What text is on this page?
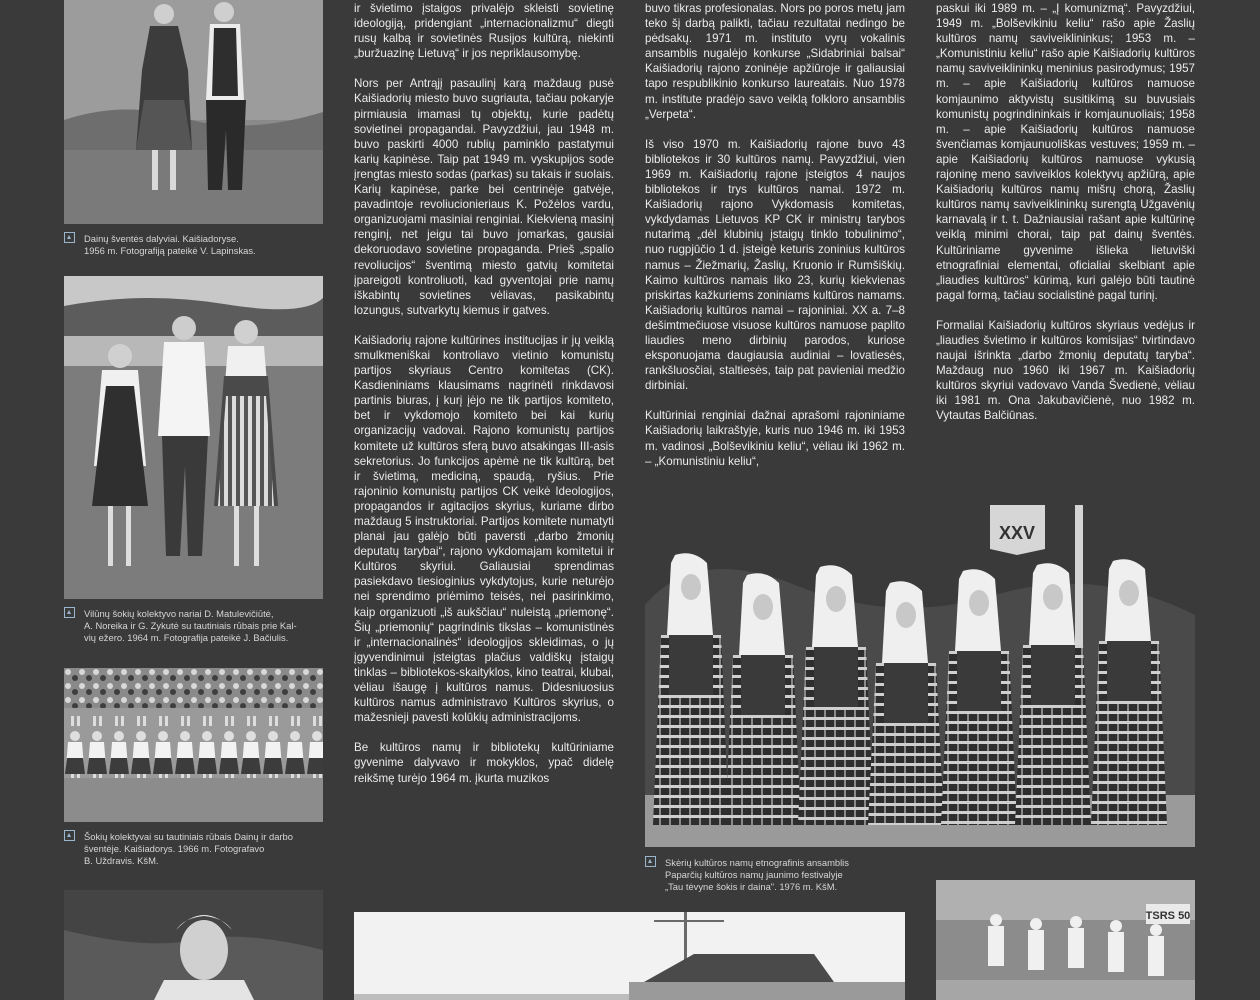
Dainų šventės dalyviai. Kaišiadoryse.
1956 m. Fotografiją pateikė V. Lapinskas.
Vilūnų šokių kolektyvo nariai D. Matulevičiūtė,
A. Noreika ir G. Zykutė su tautiniais rūbais prie Kal-
vių ežero. 1964 m. Fotografija pateikė J. Bačiulis.
Šokių kolektyvai su tautiniais rūbais Dainų ir darbo
šventėje. Kaišiadorys. 1966 m. Fotografavo
B. Uždravis. KšM.

ir švietimo įstaigos privalėjo skleisti sovietinę ideologiją, pridengiant „internacionalizmu“ diegti rusų kalbą ir sovietinės Rusijos kultūrą, niekinti „buržuazinę Lietuvą“ ir jos nepriklausomybę.

Nors per Antrąjį pasaulinį karą maždaug pusė Kaišiadorių miesto buvo sugriauta, tačiau pokaryje pirmiausia imamasi tų objektų, kurie padėtų sovietinei propagandai. Pavyzdžiui, jau 1948 m. buvo paskirti 4000 rublių paminklo pastatymui karių kapinėse. Taip pat 1949 m. vyskupijos sode įrengtas miesto sodas (parkas) su takais ir suolais. Karių kapinėse, parke bei centrinėje gatvėje, pavadintoje revoliucionieriaus K. Požėlos vardu, organizuojami masiniai renginiai. Kiekvieną masinį renginį, net jeigu tai buvo jomarkas, gausiai dekoruodavo sovietine propaganda. Prieš „spalio revoliucijos“ šventimą miesto gatvių komitetai įpareigoti kontroliuoti, kad gyventojai prie namų iškabintų sovietines vėliavas, pasikabintų lozungus, sutvarkytų kiemus ir gatves.

Kaišiadorių rajone kultūrines institucijas ir jų veiklą smulkmeniškai kontroliavo vietinio komunistų partijos skyriaus Centro komitetas (CK). Kasdieniniams klausimams nagrinėti rinkdavosi partinis biuras, į kurį įėjo ne tik partijos komiteto, bet ir vykdomojo komiteto bei kai kurių organizacijų vadovai. Rajono komunistų partijos komitete už kultūros sferą buvo atsakingas III-asis sekretorius. Jo funkcijos apėmė ne tik kultūrą, bet ir švietimą, mediciną, spaudą, ryšius. Prie rajoninio komunistų partijos CK veikė Ideologijos, propagandos ir agitacijos skyrius, kuriame dirbo maždaug 5 instruktoriai. Partijos komitete numatyti planai jau galėjo būti paversti „darbo žmonių deputatų tarybai“, rajono vykdomajam komitetui ir Kultūros skyriui. Galiausiai sprendimas pasiekdavo tiesioginius vykdytojus, kurie neturėjo nei sprendimo priėmimo teisės, nei pasirinkimo, kaip organizuoti „iš aukščiau“ nuleistą „priemonę“. Šių „priemonių“ pagrindinis tikslas – komunistinės ir „internacionalinės“ ideologijos skleidimas, o jų įgyvendinimui įsteigtas plačius valdiškų įstaigų tinklas – bibliotekos-skaityklos, kino teatrai, klubai, vėliau išaugę į kultūros namus. Didesniuosius kultūros namus administravo Kultūros skyrius, o mažesnieji pavesti kolūkių administracijoms.

Be kultūros namų ir bibliotekų kultūriniame gyvenime dalyvavo ir mokyklos, ypač didelę reikšmę turėjo 1964 m. įkurta muzikos

buvo tikras profesionalas. Nors po poros metų jam teko šį darbą palikti, tačiau rezultatai nedingo be pėdsakų. 1971 m. instituto vyrų vokalinis ansamblis nugalėjo konkurse „Sidabriniai balsai“ Kaišiadorių rajono zoninėje apžiūroje ir galiausiai tapo respublikinio konkurso laureatais. Nuo 1978 m. institute pradėjo savo veiklą folkloro ansamblis „Verpeta“.

Iš viso 1970 m. Kaišiadorių rajone buvo 43 bibliotekos ir 30 kultūros namų. Pavyzdžiui, vien 1969 m. Kaišiadorių rajone įsteigtos 4 naujos bibliotekos ir trys kultūros namai. 1972 m. Kaišiadorių rajono Vykdomasis komitetas, vykdydamas Lietuvos KP CK ir ministrų tarybos nutarimą „dėl klubinių įstaigų tinklo tobulinimo“, nuo rugpjūčio 1 d. įsteigė keturis zoninius kultūros namus – Žiežmarių, Žaslių, Kruonio ir Rumšiškių. Kaimo kultūros namais liko 23, kurių kiekvienas priskirtas kažkuriems zoniniams kultūros namams. Kaišiadorių kultūros namai – rajoniniai. XX a. 7–8 dešimtmečiuose visuose kultūros namuose paplito liaudies meno dirbinių parodos, kuriose eksponuojama daugiausia audiniai – lovatiesės, rankšluosčiai, staltiesės, taip pat pavieniai medžio dirbiniai.

Kultūriniai renginiai dažnai aprašomi rajoniniame Kaišiadorių laikraštyje, kuris nuo 1946 m. iki 1953 m. vadinosi „Bolševikiniu keliu“, vėliau iki 1962 m. – „Komunistiniu keliu“,

paskui iki 1989 m. – „Į komunizmą“. Pavyzdžiui, 1949 m. „Bolševikiniu keliu“ rašo apie Žaslių kultūros namų saviveiklininkus; 1953 m. – „Komunistiniu keliu“ rašo apie Kaišiadorių kultūros namų saviveiklininkų meninius pasirodymus; 1957 m. – apie Kaišiadorių kultūros namuose komjaunimo aktyvistų susitikimą su buvusiais komunistų pogrindininkais ir komjaunuoliais; 1958 m. – apie Kaišiadorių kultūros namuose švenčiamas komjaunuoliškas vestuves; 1959 m. – apie Kaišiadorių kultūros namuose vykusią rajoninę meno saviveiklos kolektyvų apžiūrą, apie Kaišiadorių kultūros namų mišrų chorą, Žaslių kultūros namų saviveiklininkų surengtą Užgavėnių karnavalą ir t. t. Dažniausiai rašant apie kultūrinę veiklą minimi chorai, taip pat dainų šventės. Kultūriniame gyvenime išlieka lietuviški etnografiniai elementai, oficialiai skelbiant apie „liaudies kultūros“ kūrimą, kuri galėjo būti tautinė pagal formą, tačiau socialistinė pagal turinį.

Formaliai Kaišiadorių kultūros skyriaus vedėjus ir „liaudies švietimo ir kultūros komisijas“ tvirtindavo naujai išrinkta „darbo žmonių deputatų taryba“. Maždaug nuo 1960 iki 1967 m. Kaišiadorių kultūros skyriui vadovavo Vanda Švedienė, vėliau iki 1981 m. Ona Jakubavičienė, nuo 1982 m. Vytautas Balčiūnas.

XXV
Skėrių kultūros namų etnografinis ansamblis
Paparčių kultūros namų jaunimo festivalyje
„Tau tėvyne šokis ir daina". 1976 m. KšM.
TSRS 50
